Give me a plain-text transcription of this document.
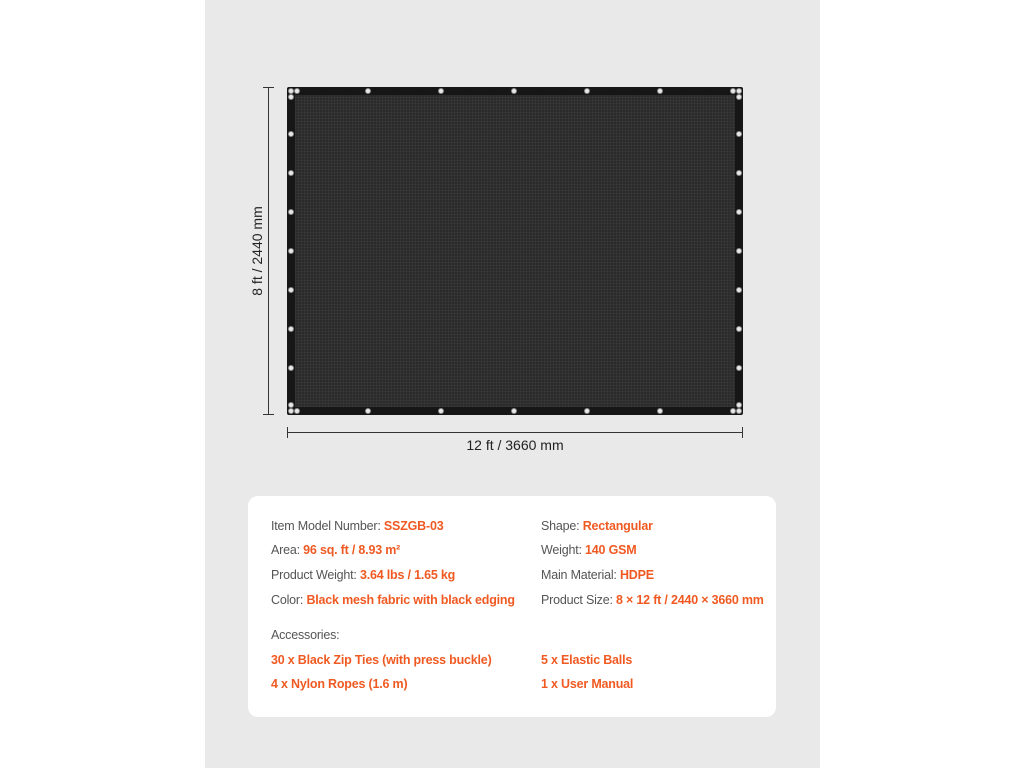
8 ft / 2440 mm
12 ft / 3660 mm
Item Model Number: SSZGB-03
Area: 96 sq. ft / 8.93 m²
Product Weight: 3.64 lbs / 1.65 kg
Color: Black mesh fabric with black edging
Shape: Rectangular
Weight: 140 GSM
Main Material: HDPE
Product Size: 8 × 12 ft / 2440 × 3660 mm
Accessories:
30 x Black Zip Ties (with press buckle)	5 x Elastic Balls
4 x Nylon Ropes (1.6 m)	1 x User Manual
